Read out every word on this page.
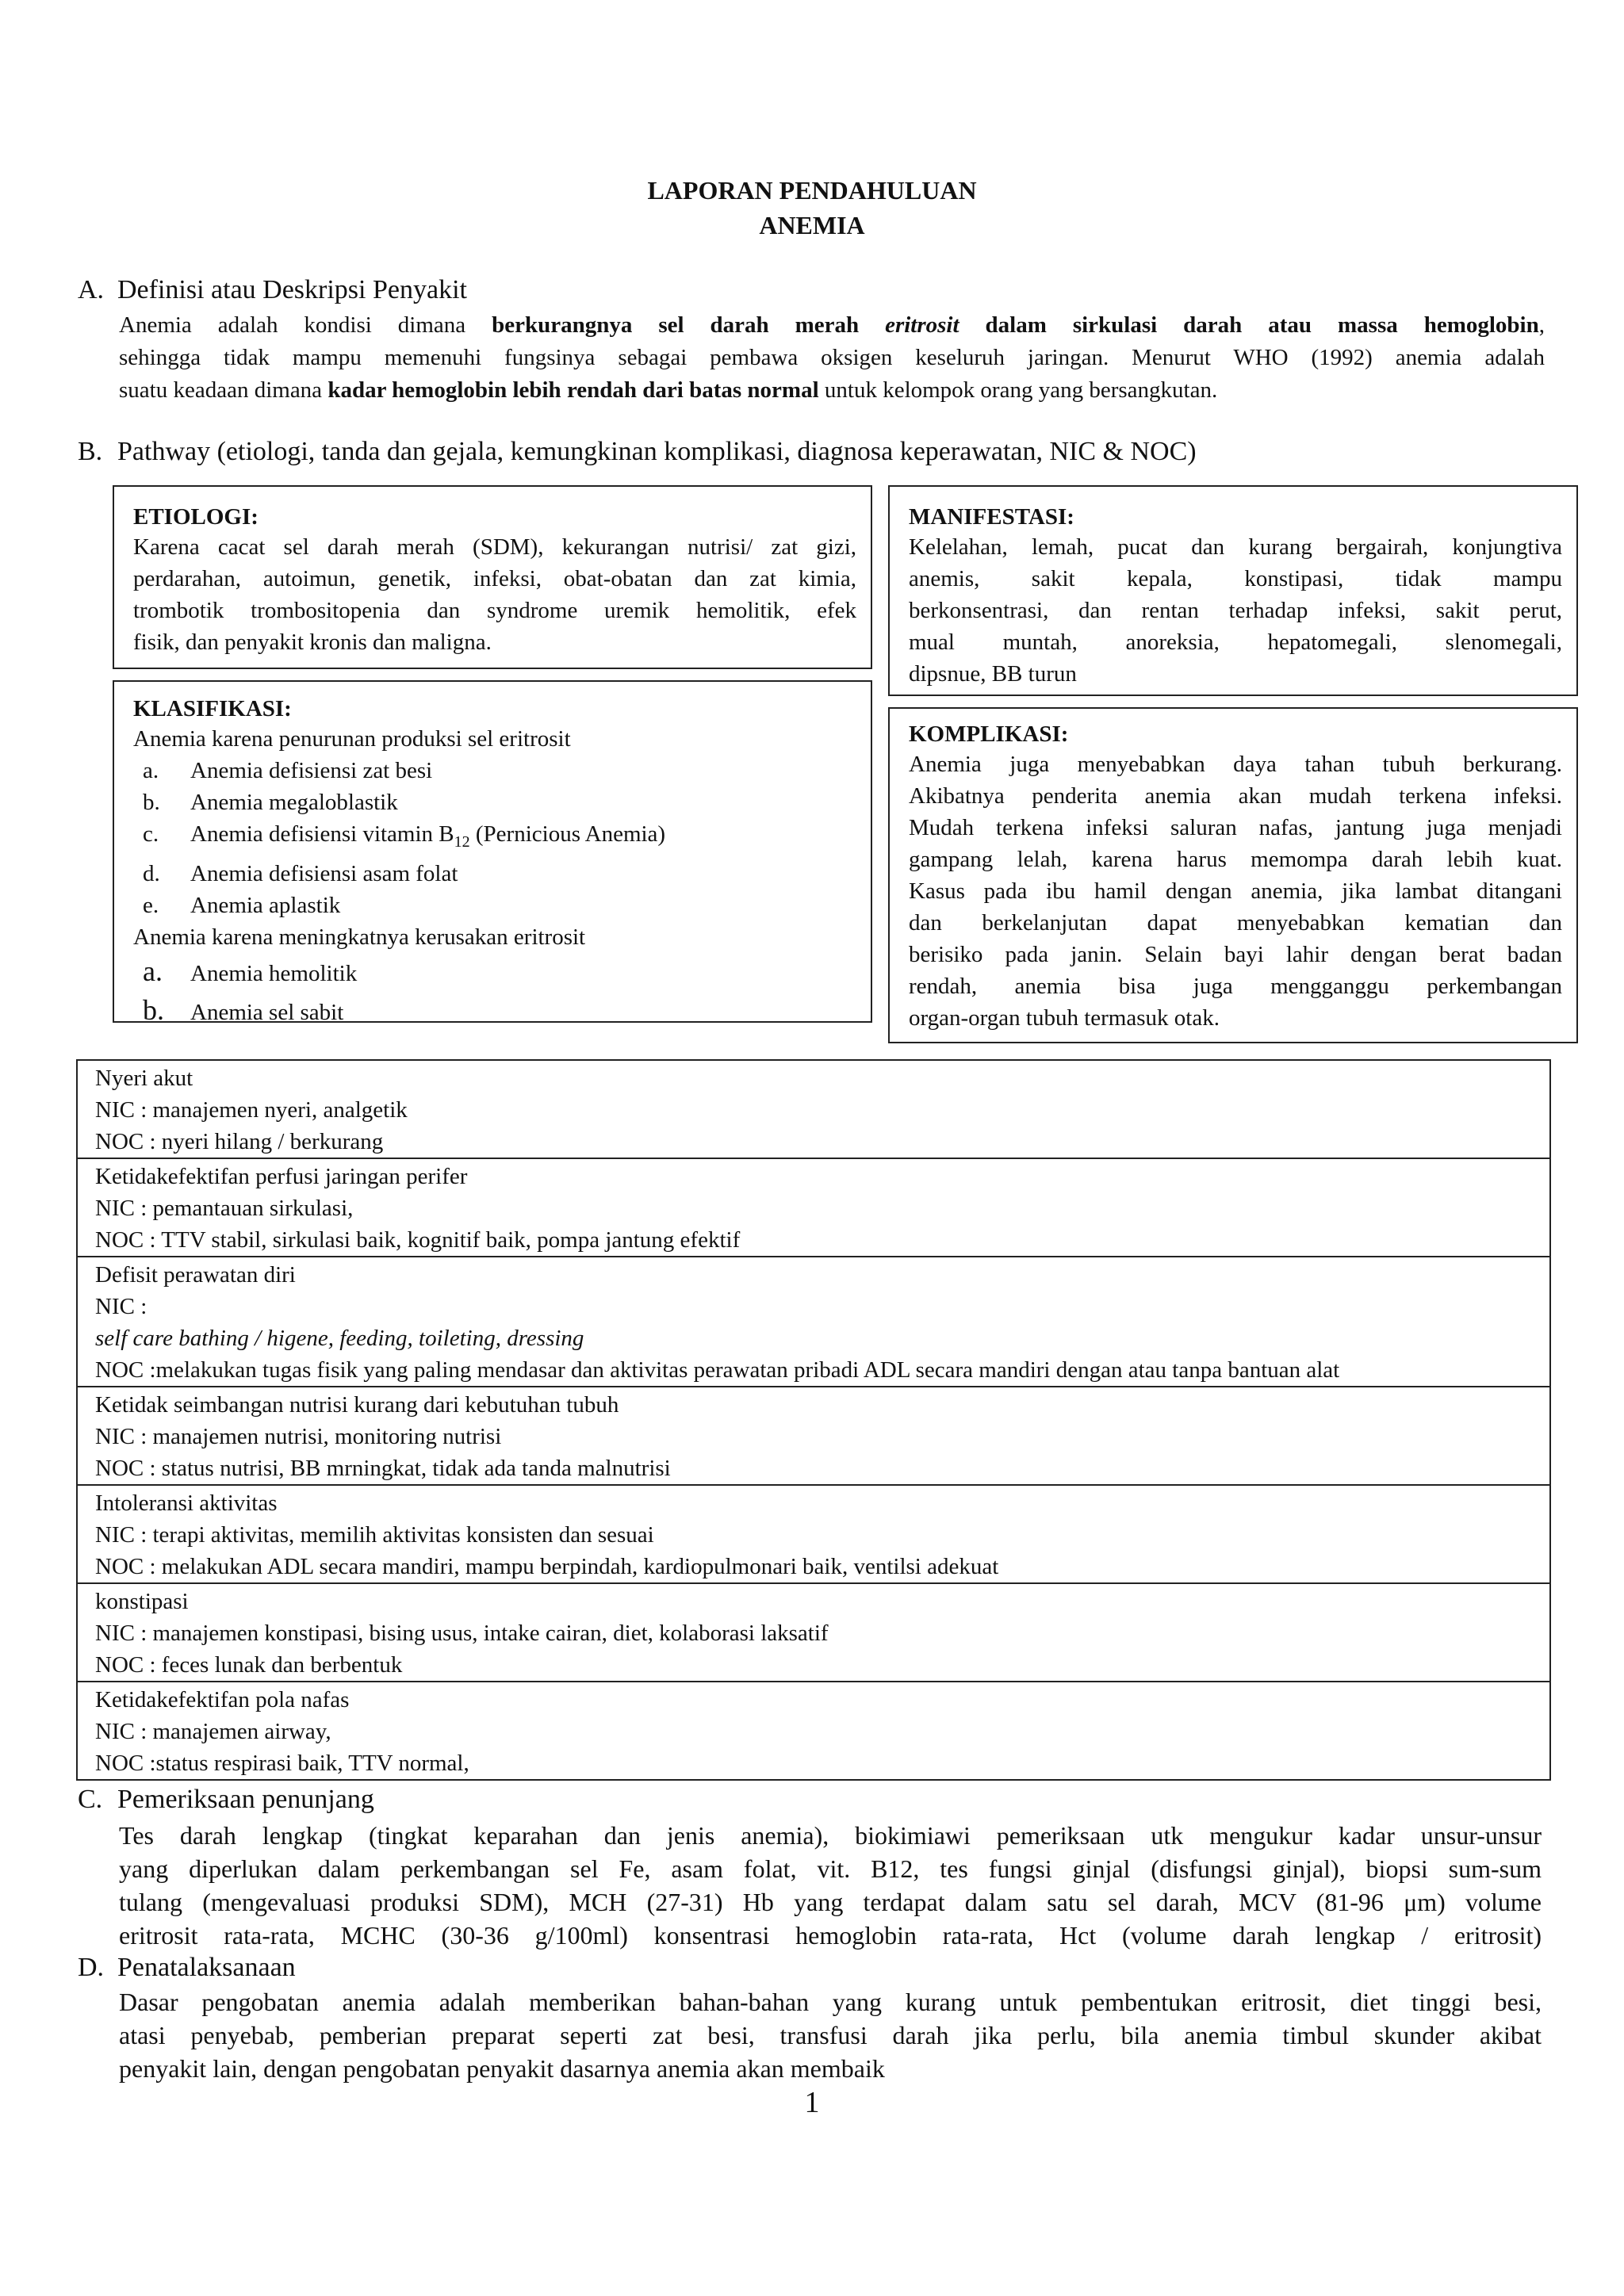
LAPORAN PENDAHULUAN
ANEMIA
A. Definisi atau Deskripsi Penyakit
Anemia adalah kondisi dimana berkurangnya sel darah merah eritrosit dalam sirkulasi darah atau massa hemoglobin,
sehingga tidak mampu memenuhi fungsinya sebagai pembawa oksigen keseluruh jaringan. Menurut WHO (1992) anemia adalah
suatu keadaan dimana kadar hemoglobin lebih rendah dari batas normal untuk kelompok orang yang bersangkutan.
B. Pathway (etiologi, tanda dan gejala, kemungkinan komplikasi, diagnosa keperawatan, NIC & NOC)
ETIOLOGI:
Karena cacat sel darah merah (SDM), kekurangan nutrisi/ zat gizi,
perdarahan, autoimun, genetik, infeksi, obat-obatan dan zat kimia,
trombotik trombositopenia dan syndrome uremik hemolitik, efek
fisik, dan penyakit kronis dan maligna.
KLASIFIKASI:
Anemia karena penurunan produksi sel eritrosit
a. Anemia defisiensi zat besi
b. Anemia megaloblastik
c. Anemia defisiensi vitamin $B_{12}$ (Pernicious Anemia)
d. Anemia defisiensi asam folat
e. Anemia aplastik
Anemia karena meningkatnya kerusakan eritrosit
a. Anemia hemolitik
b. Anemia sel sabit
MANIFESTASI:
Kelelahan, lemah, pucat dan kurang bergairah, konjungtiva
anemis, sakit kepala, konstipasi, tidak mampu
berkonsentrasi, dan rentan terhadap infeksi, sakit perut,
mual muntah, anoreksia, hepatomegali, slenomegali,
dipsnue, BB turun
KOMPLIKASI:
Anemia juga menyebabkan daya tahan tubuh berkurang.
Akibatnya penderita anemia akan mudah terkena infeksi.
Mudah terkena infeksi saluran nafas, jantung juga menjadi
gampang lelah, karena harus memompa darah lebih kuat.
Kasus pada ibu hamil dengan anemia, jika lambat ditangani
dan berkelanjutan dapat menyebabkan kematian dan
berisiko pada janin. Selain bayi lahir dengan berat badan
rendah, anemia bisa juga mengganggu perkembangan
organ-organ tubuh termasuk otak.
Nyeri akut
NIC : manajemen nyeri, analgetik
NOC : nyeri hilang / berkurang
Ketidakefektifan perfusi jaringan perifer
NIC : pemantauan sirkulasi,
NOC : TTV stabil, sirkulasi baik, kognitif baik, pompa jantung efektif
Defisit perawatan diri
NIC :
self care bathing / higene, feeding, toileting, dressing
NOC :melakukan tugas fisik yang paling mendasar dan aktivitas perawatan pribadi ADL secara mandiri dengan atau tanpa bantuan alat
Ketidak seimbangan nutrisi kurang dari kebutuhan tubuh
NIC : manajemen nutrisi, monitoring nutrisi
NOC : status nutrisi, BB mrningkat, tidak ada tanda malnutrisi
Intoleransi aktivitas
NIC : terapi aktivitas, memilih aktivitas konsisten dan sesuai
NOC : melakukan ADL secara mandiri, mampu berpindah, kardiopulmonari baik, ventilsi adekuat
konstipasi
NIC : manajemen konstipasi, bising usus, intake cairan, diet, kolaborasi laksatif
NOC : feces lunak dan berbentuk
Ketidakefektifan pola nafas
NIC : manajemen airway,
NOC :status respirasi baik, TTV normal,
C. Pemeriksaan penunjang
Tes darah lengkap (tingkat keparahan dan jenis anemia), biokimiawi pemeriksaan utk mengukur kadar unsur-unsur
yang diperlukan dalam perkembangan sel Fe, asam folat, vit. B12, tes fungsi ginjal (disfungsi ginjal), biopsi sum-sum
tulang (mengevaluasi produksi SDM), MCH (27-31) Hb yang terdapat dalam satu sel darah, MCV (81-96 μm) volume
eritrosit rata-rata, MCHC (30-36 g/100ml) konsentrasi hemoglobin rata-rata, Hct (volume darah lengkap / eritrosit)
D. Penatalaksanaan
Dasar pengobatan anemia adalah memberikan bahan-bahan yang kurang untuk pembentukan eritrosit, diet tinggi besi,
atasi penyebab, pemberian preparat seperti zat besi, transfusi darah jika perlu, bila anemia timbul skunder akibat
penyakit lain, dengan pengobatan penyakit dasarnya anemia akan membaik
1
